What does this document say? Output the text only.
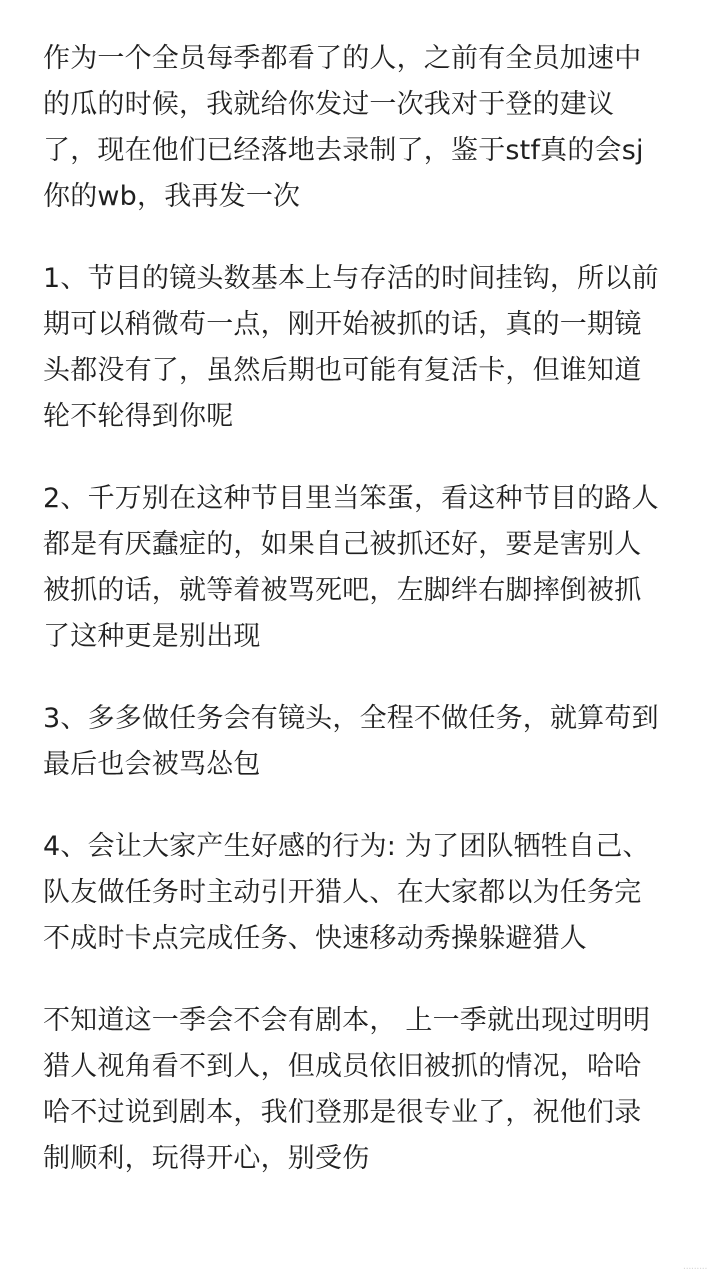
作为一个全员每季都看了的人，之前有全员加速中的瓜的时候，我就给你发过一次我对于登的建议了，现在他们已经落地去录制了，鉴于stf真的会sj你的wb，我再发一次

1、节目的镜头数基本上与存活的时间挂钩，所以前期可以稍微苟一点，刚开始被抓的话，真的一期镜头都没有了，虽然后期也可能有复活卡，但谁知道轮不轮得到你呢

2、千万别在这种节目里当笨蛋，看这种节目的路人都是有厌蠢症的，如果自己被抓还好，要是害别人被抓的话，就等着被骂死吧，左脚绊右脚摔倒被抓了这种更是别出现

3、多多做任务会有镜头，全程不做任务，就算苟到最后也会被骂怂包

4、会让大家产生好感的行为: 为了团队牺牲自己、队友做任务时主动引开猎人、在大家都以为任务完不成时卡点完成任务、快速移动秀操躲避猎人

不知道这一季会不会有剧本， 上一季就出现过明明猎人视角看不到人，但成员依旧被抓的情况，哈哈哈不过说到剧本，我们登那是很专业了，祝他们录制顺利，玩得开心，别受伤

·········
